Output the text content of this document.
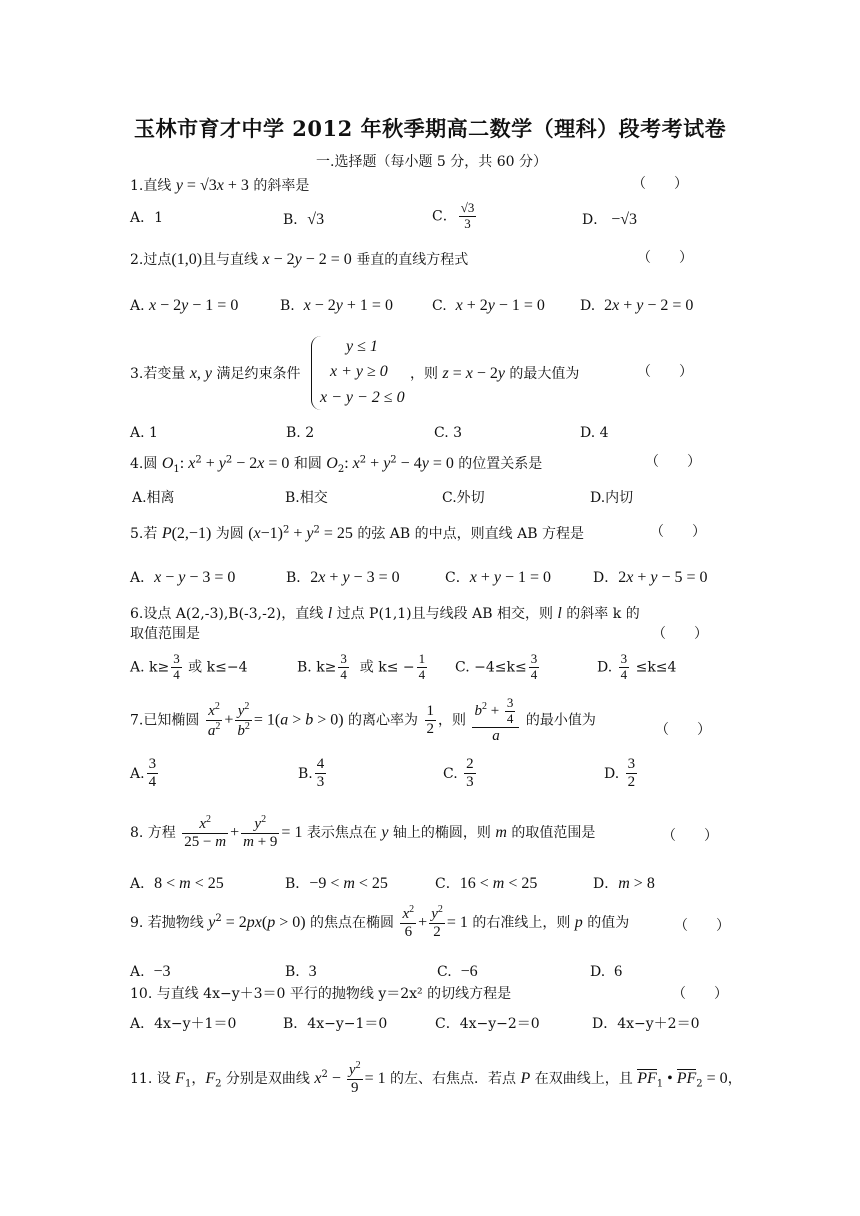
玉林市育才中学 2012 年秋季期高二数学（理科）段考考试卷
一.选择题（每小题 5 分，共 60 分）
1.直线 y = √3x + 3 的斜率是	（　　）
A．1	B．√3	C． $\frac{√3}{3}$	D． −√3
2.过点(1,0)且与直线 x − 2y − 2 = 0 垂直的直线方程式	（　　）
A. x − 2y − 1 = 0	B.  x − 2y + 1 = 0	C.  x + 2y − 1 = 0	D.  2x + y − 2 = 0
3.若变量 x, y 满足约束条件
y ≤ 1
x + y ≥ 0
x − y − 2 ≤ 0
，则 z = x − 2y 的最大值为	（　　）
A. 1	B. 2	C. 3	D. 4
4.圆 $O_1$: $x^2 + y^2 - 2x = 0$ 和圆 $O_2$: $x^2 + y^2 - 4y = 0$ 的位置关系是	（　　）
A.相离	B.相交	C.外切	D.内切
5.若 P(2,−1) 为圆 $(x-1)^2 + y^2 = 25$ 的弦 AB 的中点，则直线 AB 方程是	（　　）
A．x − y − 3 = 0	B．2x + y − 3 = 0	C．x + y − 1 = 0	D．2x + y − 5 = 0
6.设点 A(2,-3),B(-3,-2)，直线 l 过点 P(1,1)且与线段 AB 相交，则 l 的斜率 k 的
取值范围是	（　　）
A. $k\ge \frac{3}{4}$ 或 k≤−4	B. $k\ge \frac{3}{4}$ 或 $k\le - \frac{1}{4} C$. $-4\le k\le \frac{3}{4}$	D. $\frac{3}{4} \le k\le 4$
7.已知椭圆 $\frac{x^2}{a^2} + \frac{y^2}{b^2} = 1(a > b > 0)$ 的离心率为 $\frac{1}{2}$ ，则 $\frac{b^2 + \frac{3}{4}}{a}$ 的最小值为
（　　）
A. $\frac{3}{4}$	B. $\frac{4}{3}$	C. $\frac{2}{3}$	D. $\frac{3}{2}$
8. 方程 $\frac{x^2}{25 - m} + \frac{y^2}{m + 9} = 1$ 表示焦点在 y 轴上的椭圆，则 m 的取值范围是	（　　）
A．8 < m < 25	B．−9 < m < 25	C．16 < m < 25	D．m > 8
9. 若抛物线 $y^2 = 2px(p > 0)$ 的焦点在椭圆 $\frac{x^2}{6} + \frac{y^2}{2} = 1$ 的右准线上，则 p 的值为	（　　）
A.  −3	B.  3	C.  −6	D.  6
10. 与直线 4x−y＋3＝0 平行的抛物线 y＝2x² 的切线方程是	（　　）
A．4x−y＋1＝0	B．4x−y−1＝0	C．4x−y−2＝0	D．4x−y＋2＝0
11. 设 $F_1$，$F_2$ 分别是双曲线 $x^2 - \frac{y^2}{9} = 1$ 的左、右焦点．若点 P 在双曲线上，且 $PF_1$ • $PF_2 = 0$，
